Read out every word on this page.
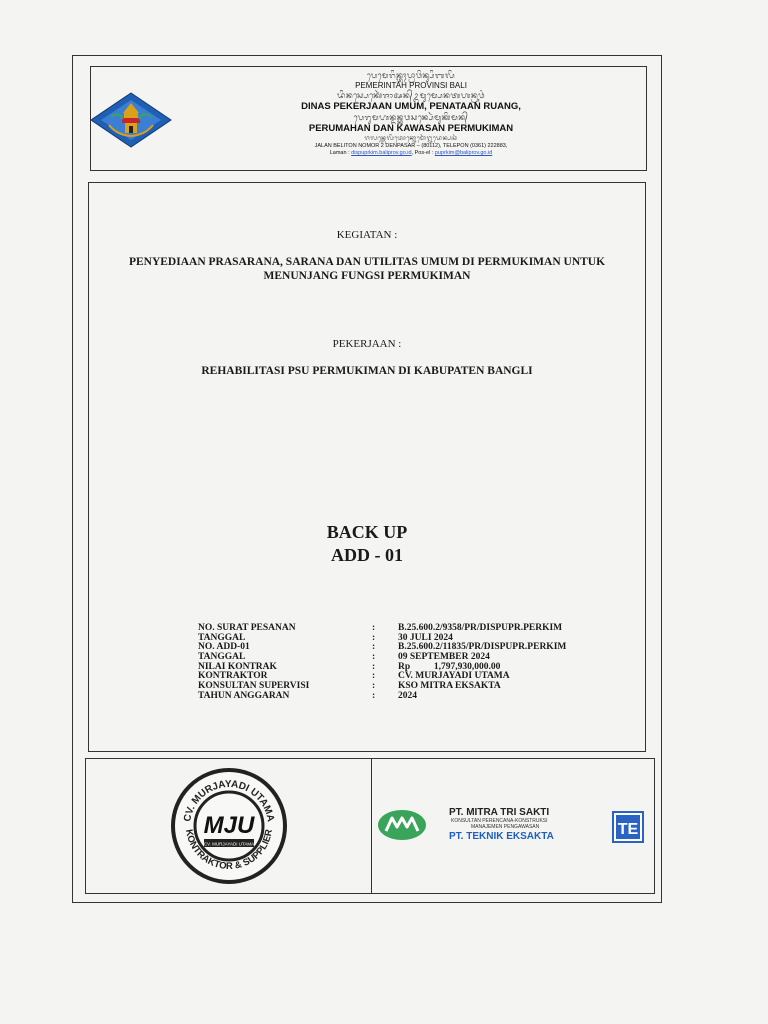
ᬧᬾᬫᬾᬭᬶᬦ᭄ᬢᬄᬧ᭄ᬭᬵᬯᬶᬦ᭄ᬲᬶᬩᬮᬶ
PEMERINTAH PROVINSI BALI
ᬤᬶᬦᬲ᭄ᬧᬾᬓᬾᬃᬚᬵᬅᬦ᭄ᬉᬫᬸᬫ᭄ᬧᬾᬦᬢᬳᬦ᭄ᬭᬸᬯᬂ
DINAS PEKERJAAN UMUM, PENATAAN RUANG,
ᬧᬾᬭᬸᬫᬳᬦ᭄ᬤᬦ᭄ᬓᬯᬲᬦ᭄ᬧᬾᬃᬫᬸᬓᬶᬫᬦ᭄
PERUMAHAN DAN KAWASAN PERMUKIMAN
ᬚᬮᬦ᭄ᬩᬾᬮᬶᬢᭀᬦ᭄ᬦᭀᬫᭀᬃ᭒ᬤᬾᬦ᭄ᬧᬲᬃ
JALAN BELITON NOMOR 2 DENPASAR – (80112), TELEPON (0361) 222883,
Laman : dispuprkim.baliprov.go.id, Pos-el : puprkim@baliprov.go.id
KEGIATAN :
PENYEDIAAN PRASARANA, SARANA DAN UTILITAS UMUM DI PERMUKIMAN UNTUK
MENUNJANG FUNGSI PERMUKIMAN
PEKERJAAN :
REHABILITASI PSU PERMUKIMAN DI KABUPATEN BANGLI
BACK UP
ADD - 01
NO. SURAT PESANAN	: B.25.600.2/9358/PR/DISPUPR.PERKIM
TANGGAL	: 30 JULI 2024
NO. ADD-01	: B.25.600.2/11835/PR/DISPUPR.PERKIM
TANGGAL	: 09 SEPTEMBER 2024
NILAI KONTRAK	: Rp          1,797,930,000.00
KONTRAKTOR	: CV. MURJAYADI UTAMA
KONSULTAN SUPERVISI	: KSO MITRA EKSAKTA
TAHUN ANGGARAN	: 2024
CV. MURJAYADI UTAMA
KONTRAKTOR & SUPPLIER
MJU
CV. MURJAYADI UTAMA
PT. MITRA TRI SAKTI
KONSULTAN PERENCANA-KONSTRUKSI
MANAJEMEN PENGAWASAN
PT. TEKNIK EKSAKTA	TE
